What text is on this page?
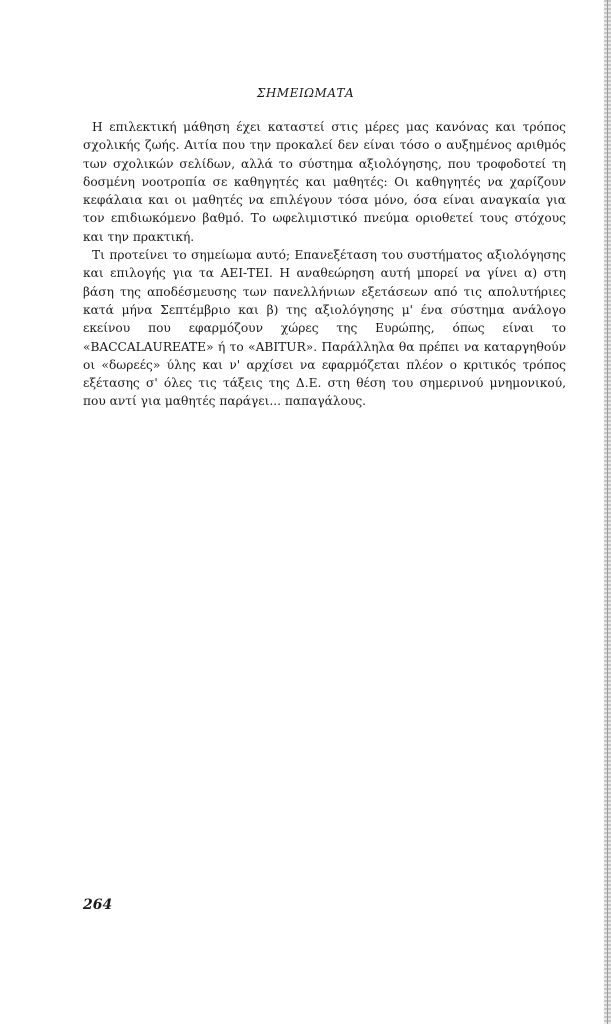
ΣΗΜΕΙΩΜΑΤΑ

Η επιλεκτική μάθηση έχει καταστεί στις μέρες μας κανόνας και τρόπος σχολικής ζωής. Αιτία που την προκαλεί δεν είναι τόσο ο αυξημένος αριθμός των σχολικών σελίδων, αλλά το σύστημα αξιολόγησης, που τροφοδοτεί τη δοσμένη νοοτροπία σε καθηγητές και μαθητές: Οι καθηγητές να χαρίζουν κεφάλαια και οι μαθητές να επιλέγουν τόσα μόνο, όσα είναι αναγκαία για τον επιδιωκόμενο βαθμό. Το ωφελιμιστικό πνεύμα οριοθετεί τους στόχους και την πρακτική.

Τι προτείνει το σημείωμα αυτό; Επανεξέταση του συστήματος αξιολόγησης και επιλογής για τα ΑΕΙ-ΤΕΙ. Η αναθεώρηση αυτή μπορεί να γίνει α) στη βάση της αποδέσμευσης των πανελλήνιων εξετάσεων από τις απολυτήριες κατά μήνα Σεπτέμβριο και β) της αξιολόγησης μ' ένα σύστημα ανάλογο εκείνου που εφαρμόζουν χώρες της Ευρώπης, όπως είναι το «BACCALAUREATE» ή το «ABITUR». Παράλληλα θα πρέπει να καταργηθούν οι «δωρεές» ύλης και ν' αρχίσει να εφαρμόζεται πλέον ο κριτικός τρόπος εξέτασης σ' όλες τις τάξεις της Δ.Ε. στη θέση του σημερινού μνημονικού, που αντί για μαθητές παράγει... παπαγάλους.

264
